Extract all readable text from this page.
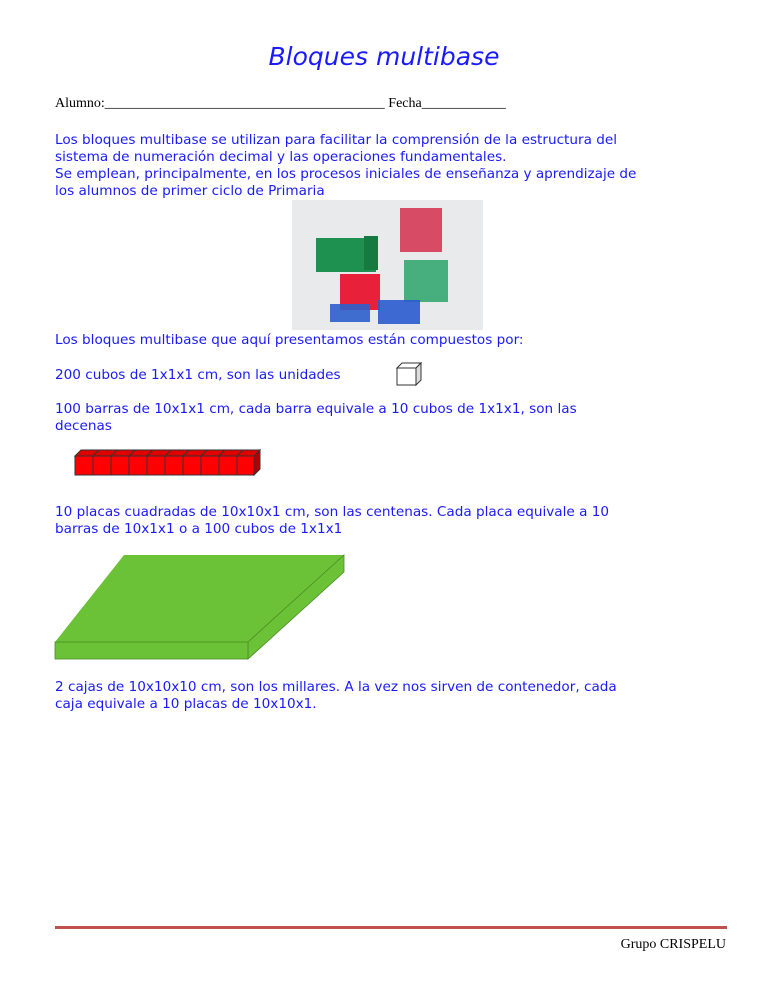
Bloques multibase
Alumno:________________________________________ Fecha____________
Los bloques multibase se utilizan para facilitar la comprensión de la estructura del
sistema de numeración decimal y las operaciones fundamentales.
Se emplean, principalmente, en los procesos iniciales de enseñanza y aprendizaje de
los alumnos de primer ciclo de Primaria
Los bloques multibase que aquí presentamos están compuestos por:
200 cubos de 1x1x1 cm, son las unidades
100 barras de 10x1x1 cm, cada barra equivale a 10 cubos de 1x1x1, son las
decenas
10 placas cuadradas de 10x10x1 cm, son las centenas. Cada placa equivale a 10
barras de 10x1x1 o a 100 cubos de 1x1x1
2 cajas de 10x10x10 cm, son los millares. A la vez nos sirven de contenedor, cada
caja equivale a 10 placas de 10x10x1.
Grupo CRISPELU
